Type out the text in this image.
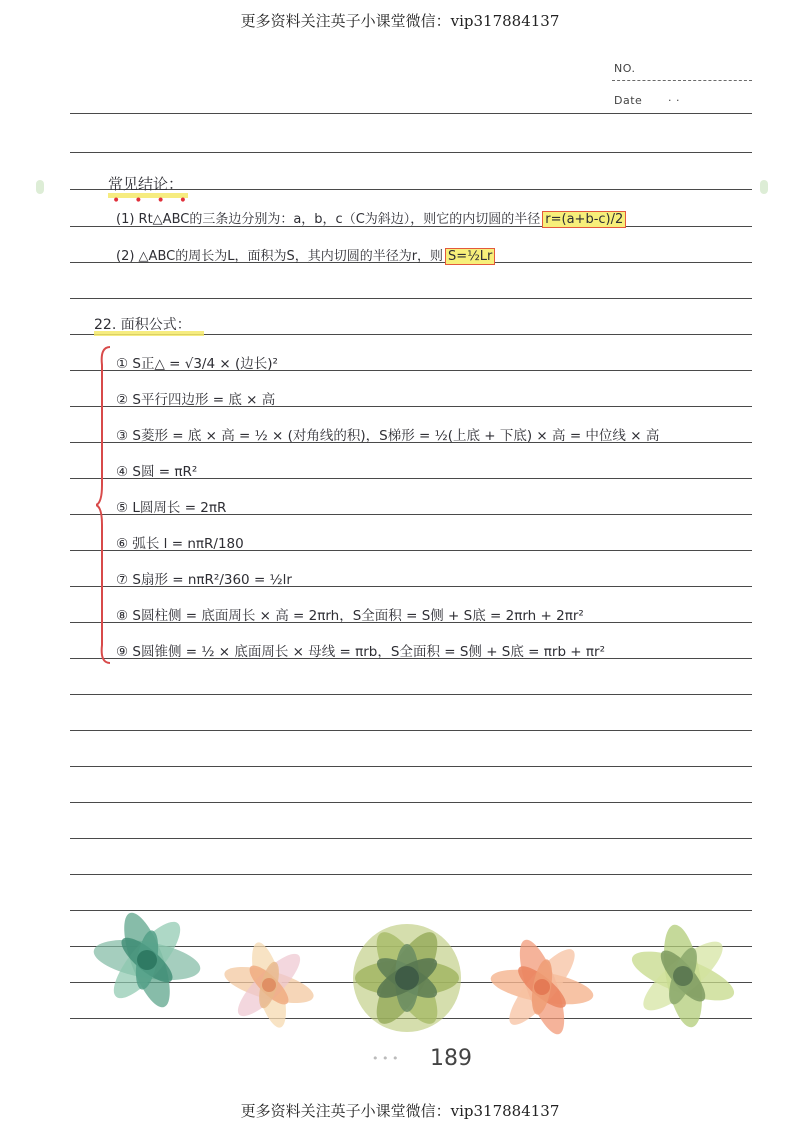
更多资料关注英子小课堂微信：vip317884137
更多资料关注英子小课堂微信：vip317884137
NO.
Date · ·
常见结论：
••••
(1) Rt△ABC的三条边分别为：a，b，c（C为斜边），则它的内切圆的半径 r=(a+b-c)/2
(2) △ABC的周长为L，面积为S，其内切圆的半径为r，则 S=½Lr
22. 面积公式：
① S正△ = √3/4 × (边长)²
② S平行四边形 = 底 × 高
③ S菱形 = 底 × 高 = ½ × (对角线的积)，S梯形 = ½(上底 + 下底) × 高 = 中位线 × 高
④ S圆 = πR²
⑤ L圆周长 = 2πR
⑥ 弧长 l = nπR/180
⑦ S扇形 = nπR²/360 = ½lr
⑧ S圆柱侧 = 底面周长 × 高 = 2πrh，S全面积 = S侧 + S底 = 2πrh + 2πr²
⑨ S圆锥侧 = ½ × 底面周长 × 母线 = πrb，S全面积 = S侧 + S底 = πrb + πr²
• • • 189
